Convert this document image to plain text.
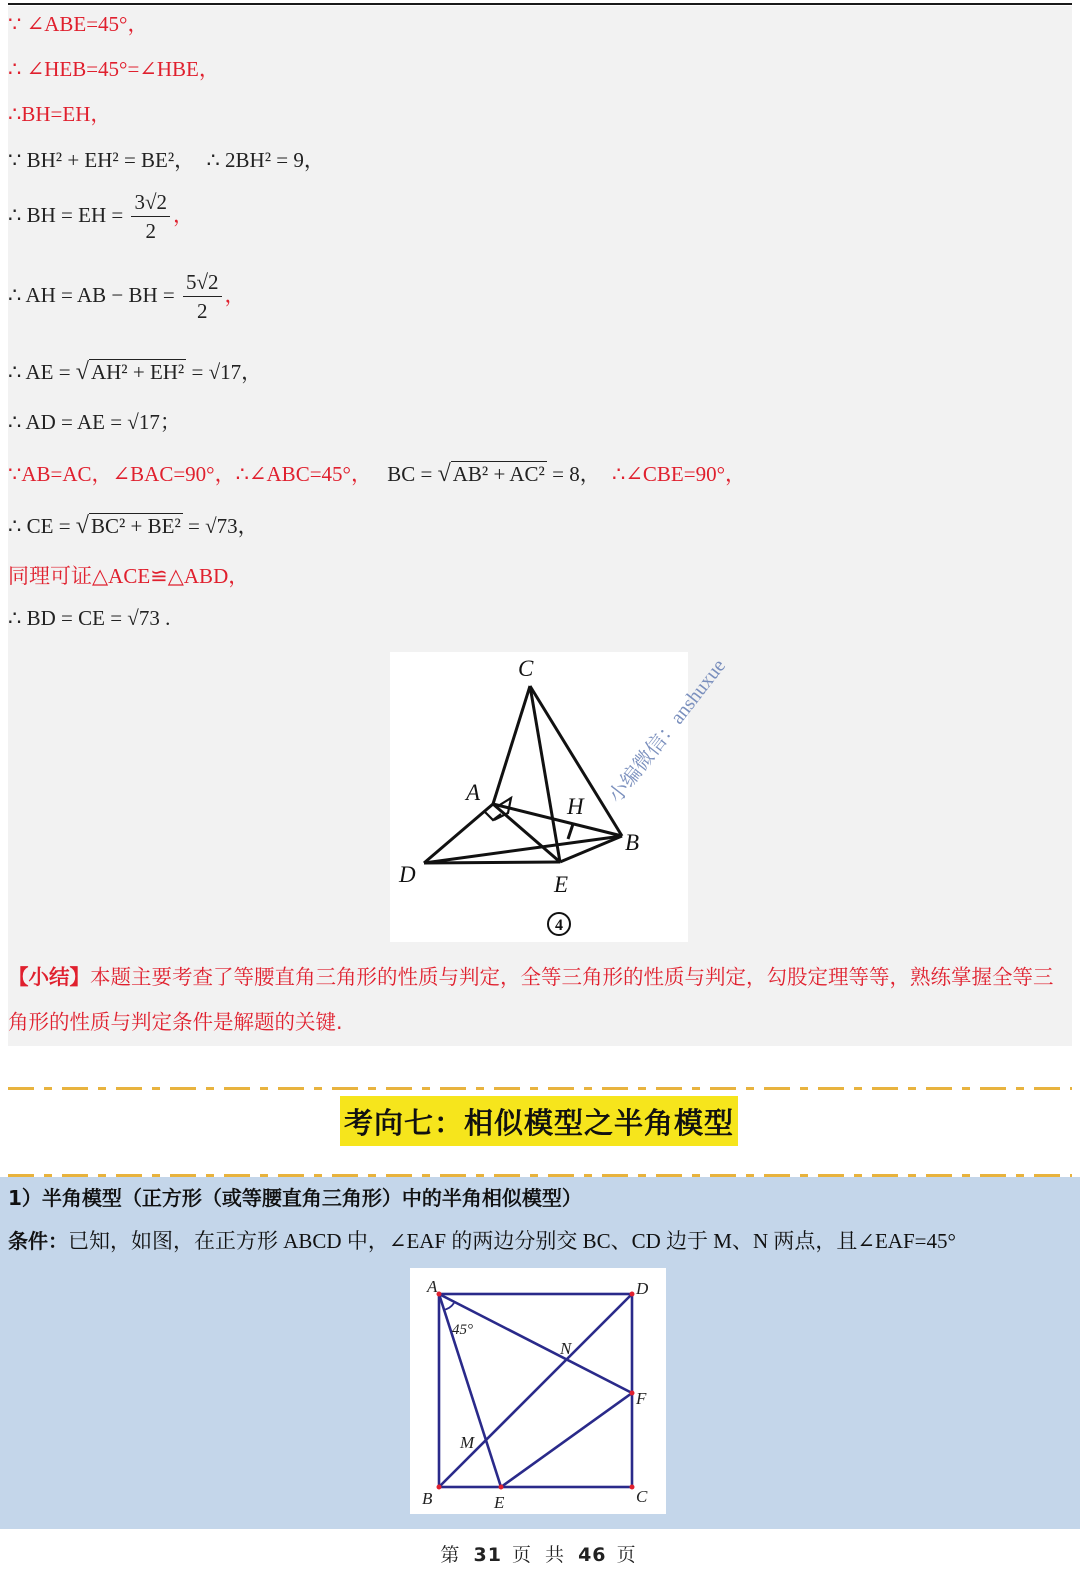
∵ ∠ABE=45°，
∴ ∠HEB=45°=∠HBE，
∴BH=EH，
∵ BH² + EH² = BE²， ∴ 2BH² = 9，
∴ BH = EH = $\frac{3√2}{2}$ ，
∴ AH = AB − BH = $\frac{5√2}{2}$ ，
∴ AE = √AH² + EH² = √17，
∴ AD = AE = √17；
∵AB=AC，∠BAC=90°，∴∠ABC=45°， BC = √AB² + AC² = 8， ∴∠CBE=90°，
∴ CE = √BC² + BE² = √73，
同理可证△ACE≌△ABD，
∴ BD = CE = √73 .
小编微信：anshuxue
C
A
H
B
D	E
4
【小结】本题主要考查了等腰直角三角形的性质与判定，全等三角形的性质与判定，勾股定理等等，熟练掌握全等三角形的性质与判定条件是解题的关键.
考向七：相似模型之半角模型
1）半角模型（正方形（或等腰直角三角形）中的半角相似模型）
条件：已知，如图，在正方形 ABCD 中，∠EAF 的两边分别交 BC、CD 边于 M、N 两点，且∠EAF=45°
A	D
N
F
M
B	E	C
45°
第 31 页 共 46 页
